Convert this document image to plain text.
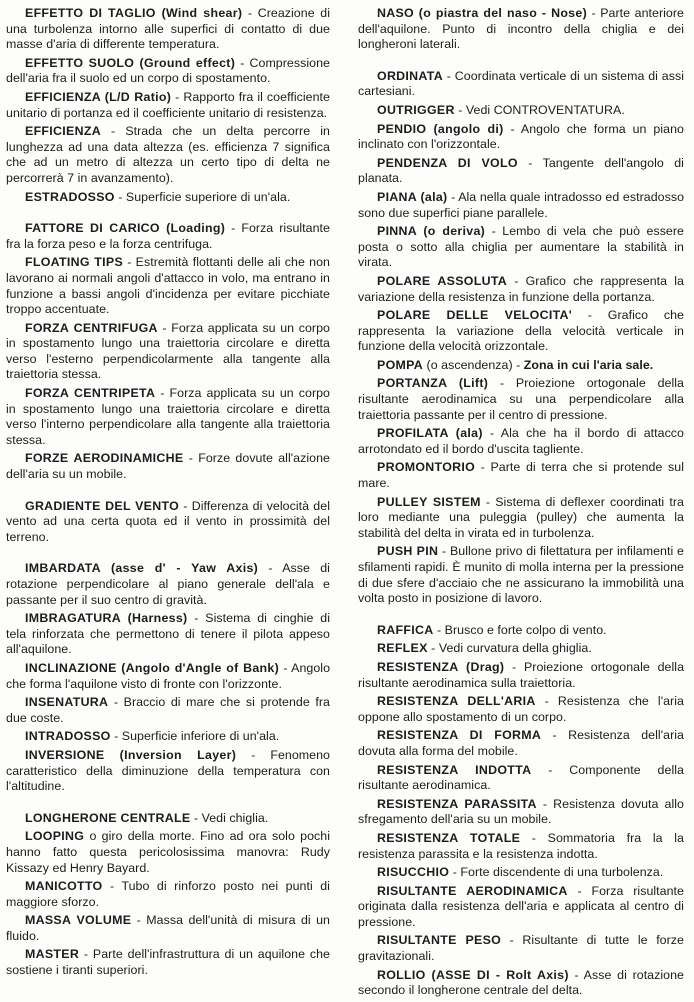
EFFETTO DI TAGLIO (Wind shear) - Creazione di una turbolenza intorno alle superfici di contatto di due masse d'aria di differente temperatura.

EFFETTO SUOLO (Ground effect) - Compressione dell'aria fra il suolo ed un corpo di spostamento.

EFFICIENZA (L/D Ratio) - Rapporto fra il coefficiente unitario di portanza ed il coefficiente unitario di resistenza.

EFFICIENZA - Strada che un delta percorre in lunghezza ad una data altezza (es. efficienza 7 significa che ad un metro di altezza un certo tipo di delta ne percorrerà 7 in avanzamento).

ESTRADOSSO - Superficie superiore di un'ala.

FATTORE DI CARICO (Loading) - Forza risultante fra la forza peso e la forza centrifuga.

FLOATING TIPS - Estremità flottanti delle ali che non lavorano ai normali angoli d'attacco in volo, ma entrano in funzione a bassi angoli d'incidenza per evitare picchiate troppo accentuate.

FORZA CENTRIFUGA - Forza applicata su un corpo in spostamento lungo una traiettoria circolare e diretta verso l'esterno perpendicolarmente alla tangente alla traiettoria stessa.

FORZA CENTRIPETA - Forza applicata su un corpo in spostamento lungo una traiettoria circolare e diretta verso l'interno perpendicolare alla tangente alla traiettoria stessa.

FORZE AERODINAMICHE - Forze dovute all'azione dell'aria su un mobile.

GRADIENTE DEL VENTO - Differenza di velocità del vento ad una certa quota ed il vento in prossimità del terreno.

IMBARDATA (asse d' - Yaw Axis) - Asse di rotazione perpendicolare al piano generale dell'ala e passante per il suo centro di gravità.

IMBRAGATURA (Harness) - Sistema di cinghie di tela rinforzata che permettono di tenere il pilota appeso all'aquilone.

INCLINAZIONE (Angolo d'Angle of Bank) - Angolo che forma l'aquilone visto di fronte con l'orizzonte.

INSENATURA - Braccio di mare che si protende fra due coste.

INTRADOSSO - Superficie inferiore di un'ala.

INVERSIONE (Inversion Layer) - Fenomeno caratteristico della diminuzione della temperatura con l'altitudine.

LONGHERONE CENTRALE - Vedi chiglia.

LOOPING o giro della morte. Fino ad ora solo pochi hanno fatto questa pericolosissima manovra: Rudy Kissazy ed Henry Bayard.

MANICOTTO - Tubo di rinforzo posto nei punti di maggiore sforzo.

MASSA VOLUME - Massa dell'unità di misura di un fluido.

MASTER - Parte dell'infrastruttura di un aquilone che sostiene i tiranti superiori.

NASO (o piastra del naso - Nose) - Parte anteriore dell'aquilone. Punto di incontro della chiglia e dei longheroni laterali.

ORDINATA - Coordinata verticale di un sistema di assi cartesiani.

OUTRIGGER - Vedi CONTROVENTATURA.

PENDIO (angolo di) - Angolo che forma un piano inclinato con l'orizzontale.

PENDENZA DI VOLO - Tangente dell'angolo di planata.

PIANA (ala) - Ala nella quale intradosso ed estradosso sono due superfici piane parallele.

PINNA (o deriva) - Lembo di vela che può essere posta o sotto alla chiglia per aumentare la stabilità in virata.

POLARE ASSOLUTA - Grafico che rappresenta la variazione della resistenza in funzione della portanza.

POLARE DELLE VELOCITA' - Grafico che rappresenta la variazione della velocità verticale in funzione della velocità orizzontale.

POMPA (o ascendenza) - Zona in cui l'aria sale.

PORTANZA (Lift) - Proiezione ortogonale della risultante aerodinamica su una perpendicolare alla traiettoria passante per il centro di pressione.

PROFILATA (ala) - Ala che ha il bordo di attacco arrotondato ed il bordo d'uscita tagliente.

PROMONTORIO - Parte di terra che si protende sul mare.

PULLEY SISTEM - Sistema di deflexer coordinati tra loro mediante una puleggia (pulley) che aumenta la stabilità del delta in virata ed in turbolenza.

PUSH PIN - Bullone privo di filettatura per infilamenti e sfilamenti rapidi. È munito di molla interna per la pressione di due sfere d'acciaio che ne assicurano la immobilità una volta posto in posizione di lavoro.

RAFFICA - Brusco e forte colpo di vento.

REFLEX - Vedi curvatura della ghiglia.

RESISTENZA (Drag) - Proiezione ortogonale della risultante aerodinamica sulla traiettoria.

RESISTENZA DELL'ARIA - Resistenza che l'aria oppone allo spostamento di un corpo.

RESISTENZA DI FORMA - Resistenza dell'aria dovuta alla forma del mobile.

RESISTENZA INDOTTA - Componente della risultante aerodinamica.

RESISTENZA PARASSITA - Resistenza dovuta allo sfregamento dell'aria su un mobile.

RESISTENZA TOTALE - Sommatoria fra la la resistenza parassita e la resistenza indotta.

RISUCCHIO - Forte discendente di una turbolenza.

RISULTANTE AERODINAMICA - Forza risultante originata dalla resistenza dell'aria e applicata al centro di pressione.

RISULTANTE PESO - Risultante di tutte le forze gravitazionali.

ROLLIO (ASSE DI - Rolt Axis) - Asse di rotazione secondo il longherone centrale del delta.
